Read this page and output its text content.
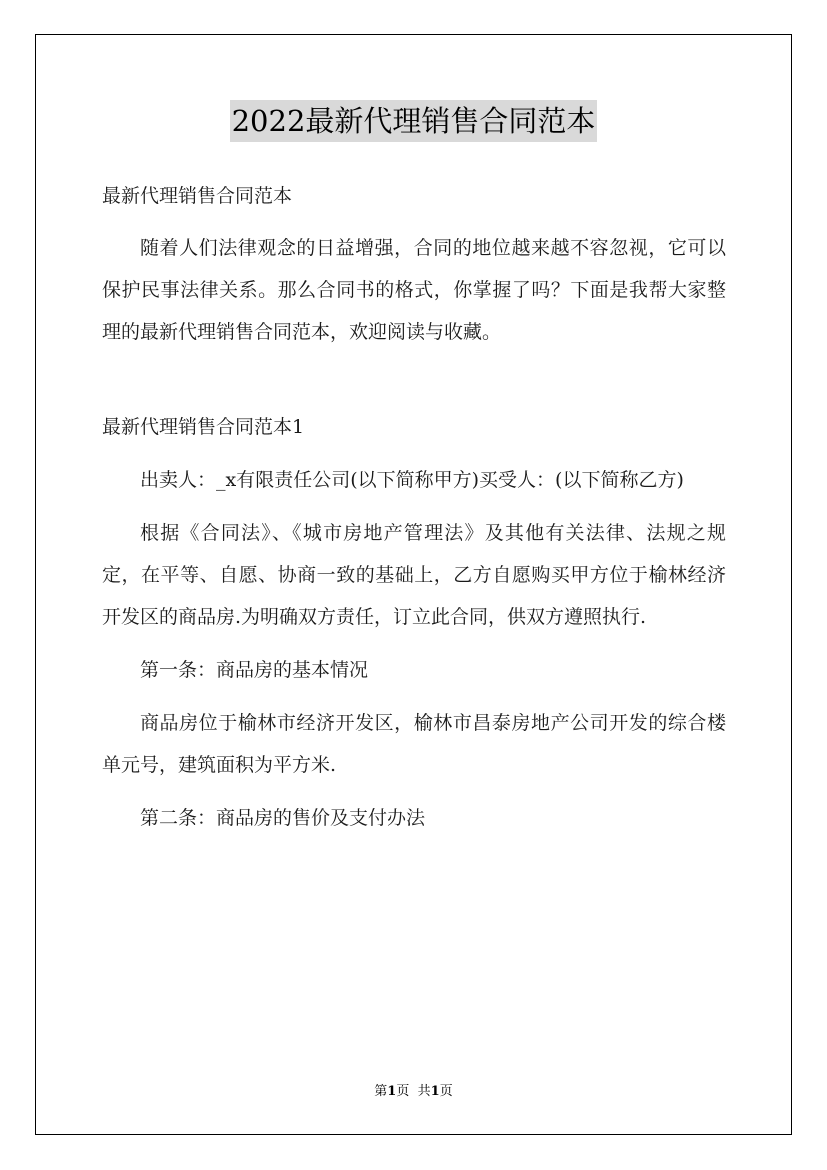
2022最新代理销售合同范本

最新代理销售合同范本

随着人们法律观念的日益增强，合同的地位越来越不容忽视，它可以保护民事法律关系。那么合同书的格式，你掌握了吗？下面是我帮大家整理的最新代理销售合同范本，欢迎阅读与收藏。

最新代理销售合同范本1

出卖人：_x有限责任公司(以下简称甲方)买受人：(以下简称乙方)

根据《合同法》、《城市房地产管理法》及其他有关法律、法规之规定，在平等、自愿、协商一致的基础上，乙方自愿购买甲方位于榆林经济开发区的商品房.为明确双方责任，订立此合同，供双方遵照执行.

第一条：商品房的基本情况

商品房位于榆林市经济开发区，榆林市昌泰房地产公司开发的综合楼单元号，建筑面积为平方米.

第二条：商品房的售价及支付办法

第1页 共1页
